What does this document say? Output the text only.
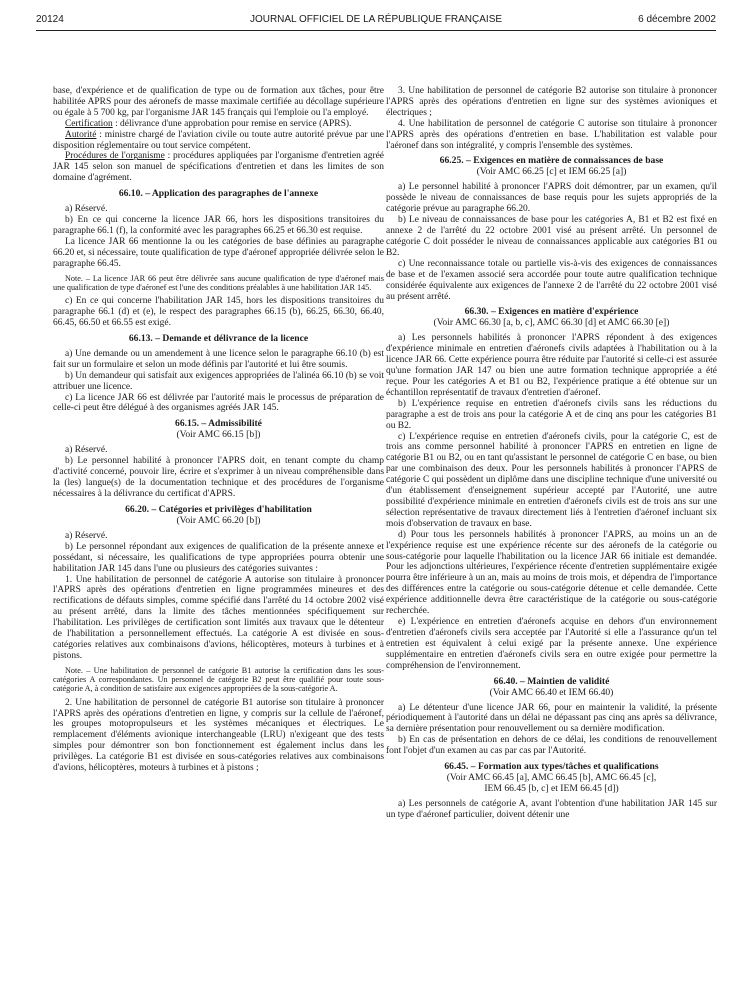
20124	JOURNAL OFFICIEL DE LA RÉPUBLIQUE FRANÇAISE	6 décembre 2002

base, d'expérience et de qualification de type ou de formation aux tâches, pour être habilitée APRS pour des aéronefs de masse maximale certifiée au décollage supérieure ou égale à 5 700 kg, par l'organisme JAR 145 français qui l'emploie ou l'a employé.

Certification : délivrance d'une approbation pour remise en service (APRS).

Autorité : ministre chargé de l'aviation civile ou toute autre autorité prévue par une disposition réglementaire ou tout service compétent.

Procédures de l'organisme : procédures appliquées par l'organisme d'entretien agréé JAR 145 selon son manuel de spécifications d'entretien et dans les limites de son domaine d'agrément.

66.10. – Application des paragraphes de l'annexe

a) Réservé.

b) En ce qui concerne la licence JAR 66, hors les dispositions transitoires du paragraphe 66.1 (f), la conformité avec les paragraphes 66.25 et 66.30 est requise.

La licence JAR 66 mentionne la ou les catégories de base définies au paragraphe 66.20 et, si nécessaire, toute qualification de type d'aéronef appropriée délivrée selon le paragraphe 66.45.

Note. – La licence JAR 66 peut être délivrée sans aucune qualification de type d'aéronef mais une qualification de type d'aéronef est l'une des conditions préalables à une habilitation JAR 145.

c) En ce qui concerne l'habilitation JAR 145, hors les dispositions transitoires du paragraphe 66.1 (d) et (e), le respect des paragraphes 66.15 (b), 66.25, 66.30, 66.40, 66.45, 66.50 et 66.55 est exigé.

66.13. – Demande et délivrance de la licence

a) Une demande ou un amendement à une licence selon le paragraphe 66.10 (b) est fait sur un formulaire et selon un mode définis par l'autorité et lui être soumis.

b) Un demandeur qui satisfait aux exigences appropriées de l'alinéa 66.10 (b) se voit attribuer une licence.

c) La licence JAR 66 est délivrée par l'autorité mais le processus de préparation de celle-ci peut être délégué à des organismes agréés JAR 145.

66.15. – Admissibilité
(Voir AMC 66.15 [b])

a) Réservé.

b) Le personnel habilité à prononcer l'APRS doit, en tenant compte du champ d'activité concerné, pouvoir lire, écrire et s'exprimer à un niveau compréhensible dans la (les) langue(s) de la documentation technique et des procédures de l'organisme nécessaires à la délivrance du certificat d'APRS.

66.20. – Catégories et privilèges d'habilitation
(Voir AMC 66.20 [b])

a) Réservé.

b) Le personnel répondant aux exigences de qualification de la présente annexe et possédant, si nécessaire, les qualifications de type appropriées pourra obtenir une habilitation JAR 145 dans l'une ou plusieurs des catégories suivantes :

1. Une habilitation de personnel de catégorie A autorise son titulaire à prononcer l'APRS après des opérations d'entretien en ligne programmées mineures et des rectifications de défauts simples, comme spécifié dans l'arrêté du 14 octobre 2002 visé au présent arrêté, dans la limite des tâches mentionnées spécifiquement sur l'habilitation. Les privilèges de certification sont limités aux travaux que le détenteur de l'habilitation a personnellement effectués. La catégorie A est divisée en sous-catégories relatives aux combinaisons d'avions, hélicoptères, moteurs à turbines et à pistons.

Note. – Une habilitation de personnel de catégorie B1 autorise la certification dans les sous-catégories A correspondantes. Un personnel de catégorie B2 peut être qualifié pour toute sous-catégorie A, à condition de satisfaire aux exigences appropriées de la sous-catégorie A.

2. Une habilitation de personnel de catégorie B1 autorise son titulaire à prononcer l'APRS après des opérations d'entretien en ligne, y compris sur la cellule de l'aéronef, les groupes motopropulseurs et les systèmes mécaniques et électriques. Le remplacement d'éléments avionique interchangeable (LRU) n'exigeant que des tests simples pour démontrer son bon fonctionnement est également inclus dans les privilèges. La catégorie B1 est divisée en sous-catégories relatives aux combinaisons d'avions, hélicoptères, moteurs à turbines et à pistons ;

3. Une habilitation de personnel de catégorie B2 autorise son titulaire à prononcer l'APRS après des opérations d'entretien en ligne sur des systèmes avioniques et électriques ;

4. Une habilitation de personnel de catégorie C autorise son titulaire à prononcer l'APRS après des opérations d'entretien en base. L'habilitation est valable pour l'aéronef dans son intégralité, y compris l'ensemble des systèmes.

66.25. – Exigences en matière de connaissances de base
(Voir AMC 66.25 [c] et IEM 66.25 [a])

a) Le personnel habilité à prononcer l'APRS doit démontrer, par un examen, qu'il possède le niveau de connaissances de base requis pour les sujets appropriés de la catégorie prévue au paragraphe 66.20.

b) Le niveau de connaissances de base pour les catégories A, B1 et B2 est fixé en annexe 2 de l'arrêté du 22 octobre 2001 visé au présent arrêté. Un personnel de catégorie C doit posséder le niveau de connaissances applicable aux catégories B1 ou B2.

c) Une reconnaissance totale ou partielle vis-à-vis des exigences de connaissances de base et de l'examen associé sera accordée pour toute autre qualification technique considérée équivalente aux exigences de l'annexe 2 de l'arrêté du 22 octobre 2001 visé au présent arrêté.

66.30. – Exigences en matière d'expérience
(Voir AMC 66.30 [a, b, c], AMC 66.30 [d] et AMC 66.30 [e])

a) Les personnels habilités à prononcer l'APRS répondent à des exigences d'expérience minimale en entretien d'aéronefs civils adaptées à l'habilitation ou à la licence JAR 66. Cette expérience pourra être réduite par l'autorité si celle-ci est assurée qu'une formation JAR 147 ou bien une autre formation technique appropriée a été reçue. Pour les catégories A et B1 ou B2, l'expérience pratique a été obtenue sur un échantillon représentatif de travaux d'entretien d'aéronef.

b) L'expérience requise en entretien d'aéronefs civils sans les réductions du paragraphe a est de trois ans pour la catégorie A et de cinq ans pour les catégories B1 ou B2.

c) L'expérience requise en entretien d'aéronefs civils, pour la catégorie C, est de trois ans comme personnel habilité à prononcer l'APRS en entretien en ligne de catégorie B1 ou B2, ou en tant qu'assistant le personnel de catégorie C en base, ou bien par une combinaison des deux. Pour les personnels habilités à prononcer l'APRS de catégorie C qui possèdent un diplôme dans une discipline technique d'une université ou d'un établissement d'enseignement supérieur accepté par l'Autorité, une autre possibilité d'expérience minimale en entretien d'aéronefs civils est de trois ans sur une sélection représentative de travaux directement liés à l'entretien d'aéronef incluant six mois d'observation de travaux en base.

d) Pour tous les personnels habilités à prononcer l'APRS, au moins un an de l'expérience requise est une expérience récente sur des aéronefs de la catégorie ou sous-catégorie pour laquelle l'habilitation ou la licence JAR 66 initiale est demandée. Pour les adjonctions ultérieures, l'expérience récente d'entretien supplémentaire exigée pourra être inférieure à un an, mais au moins de trois mois, et dépendra de l'importance des différences entre la catégorie ou sous-catégorie détenue et celle demandée. Cette expérience additionnelle devra être caractéristique de la catégorie ou sous-catégorie recherchée.

e) L'expérience en entretien d'aéronefs acquise en dehors d'un environnement d'entretien d'aéronefs civils sera acceptée par l'Autorité si elle a l'assurance qu'un tel entretien est équivalent à celui exigé par la présente annexe. Une expérience supplémentaire en entretien d'aéronefs civils sera en outre exigée pour permettre la compréhension de l'environnement.

66.40. – Maintien de validité
(Voir AMC 66.40 et IEM 66.40)

a) Le détenteur d'une licence JAR 66, pour en maintenir la validité, la présente périodiquement à l'autorité dans un délai ne dépassant pas cinq ans après sa délivrance, sa dernière présentation pour renouvellement ou sa dernière modification.

b) En cas de présentation en dehors de ce délai, les conditions de renouvellement font l'objet d'un examen au cas par cas par l'Autorité.

66.45. – Formation aux types/tâches et qualifications
(Voir AMC 66.45 [a], AMC 66.45 [b], AMC 66.45 [c],
IEM 66.45 [b, c] et IEM 66.45 [d])

a) Les personnels de catégorie A, avant l'obtention d'une habilitation JAR 145 sur un type d'aéronef particulier, doivent détenir une
